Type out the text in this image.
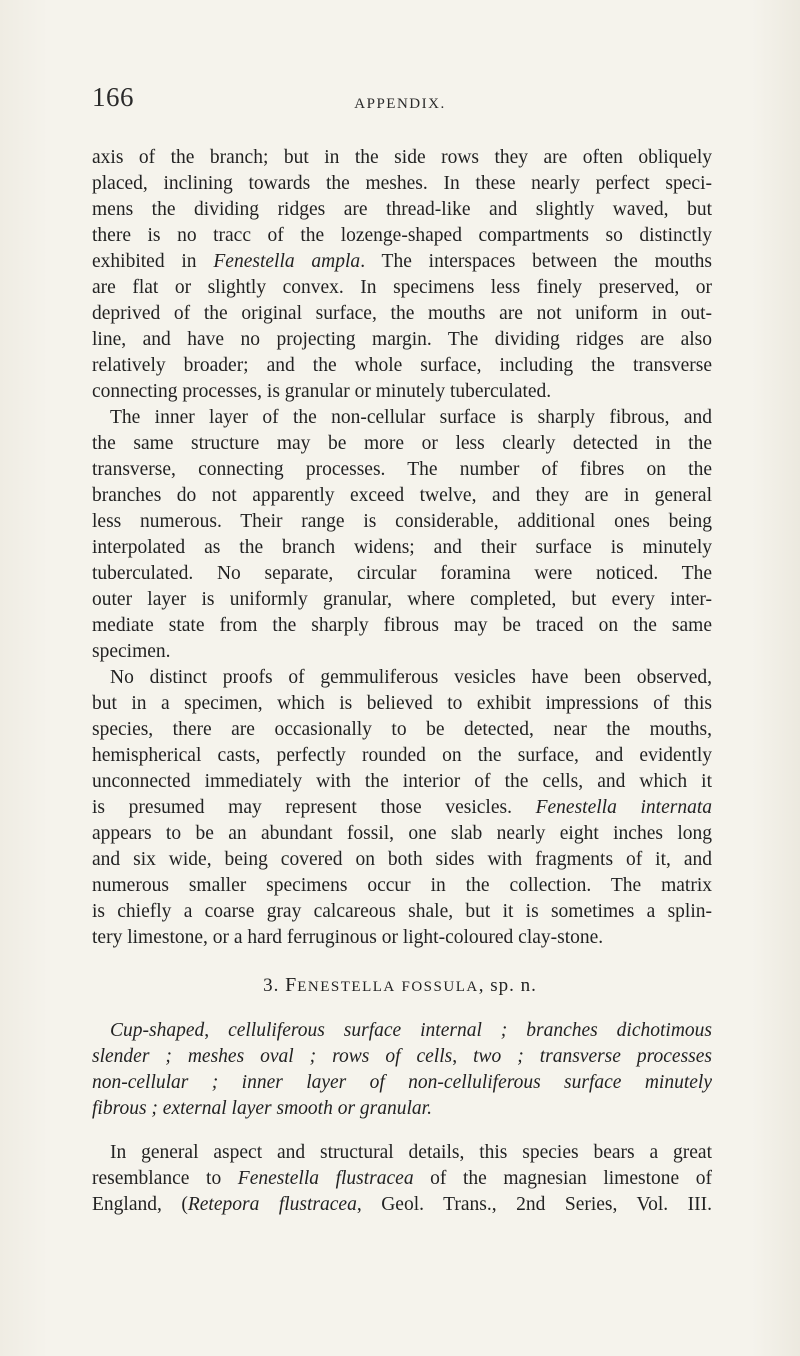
166	APPENDIX.
axis of the branch; but in the side rows they are often obliquely
placed, inclining towards the meshes. In these nearly perfect speci-
mens the dividing ridges are thread-like and slightly waved, but
there is no tracc of the lozenge-shaped compartments so distinctly
exhibited in Fenestella ampla. The interspaces between the mouths
are flat or slightly convex. In specimens less finely preserved, or
deprived of the original surface, the mouths are not uniform in out-
line, and have no projecting margin. The dividing ridges are also
relatively broader; and the whole surface, including the transverse
connecting processes, is granular or minutely tuberculated.
The inner layer of the non-cellular surface is sharply fibrous, and
the same structure may be more or less clearly detected in the
transverse, connecting processes. The number of fibres on the
branches do not apparently exceed twelve, and they are in general
less numerous. Their range is considerable, additional ones being
interpolated as the branch widens; and their surface is minutely
tuberculated. No separate, circular foramina were noticed. The
outer layer is uniformly granular, where completed, but every inter-
mediate state from the sharply fibrous may be traced on the same
specimen.
No distinct proofs of gemmuliferous vesicles have been observed,
but in a specimen, which is believed to exhibit impressions of this
species, there are occasionally to be detected, near the mouths,
hemispherical casts, perfectly rounded on the surface, and evidently
unconnected immediately with the interior of the cells, and which it
is presumed may represent those vesicles. Fenestella internata
appears to be an abundant fossil, one slab nearly eight inches long
and six wide, being covered on both sides with fragments of it, and
numerous smaller specimens occur in the collection. The matrix
is chiefly a coarse gray calcareous shale, but it is sometimes a splin-
tery limestone, or a hard ferruginous or light-coloured clay-stone.
3. FENESTELLA FOSSULA, sp. n.
Cup-shaped, celluliferous surface internal ; branches dichotimous
slender ; meshes oval ; rows of cells, two ; transverse processes
non-cellular ; inner layer of non-celluliferous surface minutely
fibrous ; external layer smooth or granular.
In general aspect and structural details, this species bears a great
resemblance to Fenestella flustracea of the magnesian limestone of
England, (Retepora flustracea, Geol. Trans., 2nd Series, Vol. III.
